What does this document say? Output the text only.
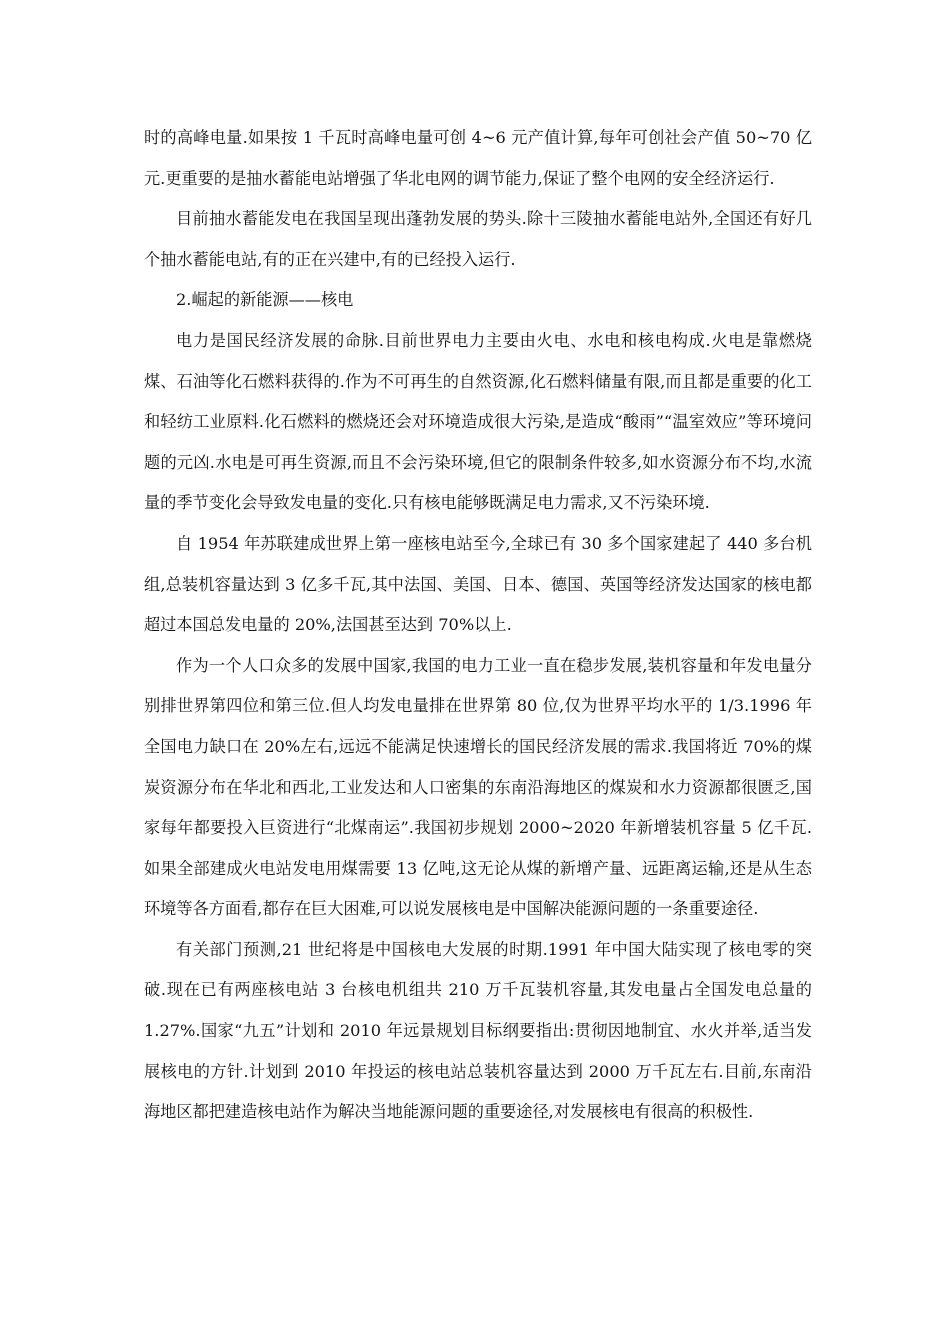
时的高峰电量.如果按 1 千瓦时高峰电量可创 4~6 元产值计算,每年可创社会产值 50~70 亿元.更重要的是抽水蓄能电站增强了华北电网的调节能力,保证了整个电网的安全经济运行.

目前抽水蓄能发电在我国呈现出蓬勃发展的势头.除十三陵抽水蓄能电站外,全国还有好几个抽水蓄能电站,有的正在兴建中,有的已经投入运行.

2.崛起的新能源——核电

电力是国民经济发展的命脉.目前世界电力主要由火电、水电和核电构成.火电是靠燃烧煤、石油等化石燃料获得的.作为不可再生的自然资源,化石燃料储量有限,而且都是重要的化工和轻纺工业原料.化石燃料的燃烧还会对环境造成很大污染,是造成“酸雨”“温室效应”等环境问题的元凶.水电是可再生资源,而且不会污染环境,但它的限制条件较多,如水资源分布不均,水流量的季节变化会导致发电量的变化.只有核电能够既满足电力需求,又不污染环境.

自 1954 年苏联建成世界上第一座核电站至今,全球已有 30 多个国家建起了 440 多台机组,总装机容量达到 3 亿多千瓦,其中法国、美国、日本、德国、英国等经济发达国家的核电都超过本国总发电量的 20%,法国甚至达到 70%以上.

作为一个人口众多的发展中国家,我国的电力工业一直在稳步发展,装机容量和年发电量分别排世界第四位和第三位.但人均发电量排在世界第 80 位,仅为世界平均水平的 1/3.1996 年全国电力缺口在 20%左右,远远不能满足快速增长的国民经济发展的需求.我国将近 70%的煤炭资源分布在华北和西北,工业发达和人口密集的东南沿海地区的煤炭和水力资源都很匮乏,国家每年都要投入巨资进行“北煤南运”.我国初步规划 2000~2020 年新增装机容量 5 亿千瓦.如果全部建成火电站发电用煤需要 13 亿吨,这无论从煤的新增产量、远距离运输,还是从生态环境等各方面看,都存在巨大困难,可以说发展核电是中国解决能源问题的一条重要途径.

有关部门预测,21 世纪将是中国核电大发展的时期.1991 年中国大陆实现了核电零的突破.现在已有两座核电站 3 台核电机组共 210 万千瓦装机容量,其发电量占全国发电总量的 1.27%.国家“九五”计划和 2010 年远景规划目标纲要指出:贯彻因地制宜、水火并举,适当发展核电的方针.计划到 2010 年投运的核电站总装机容量达到 2000 万千瓦左右.目前,东南沿海地区都把建造核电站作为解决当地能源问题的重要途径,对发展核电有很高的积极性.
